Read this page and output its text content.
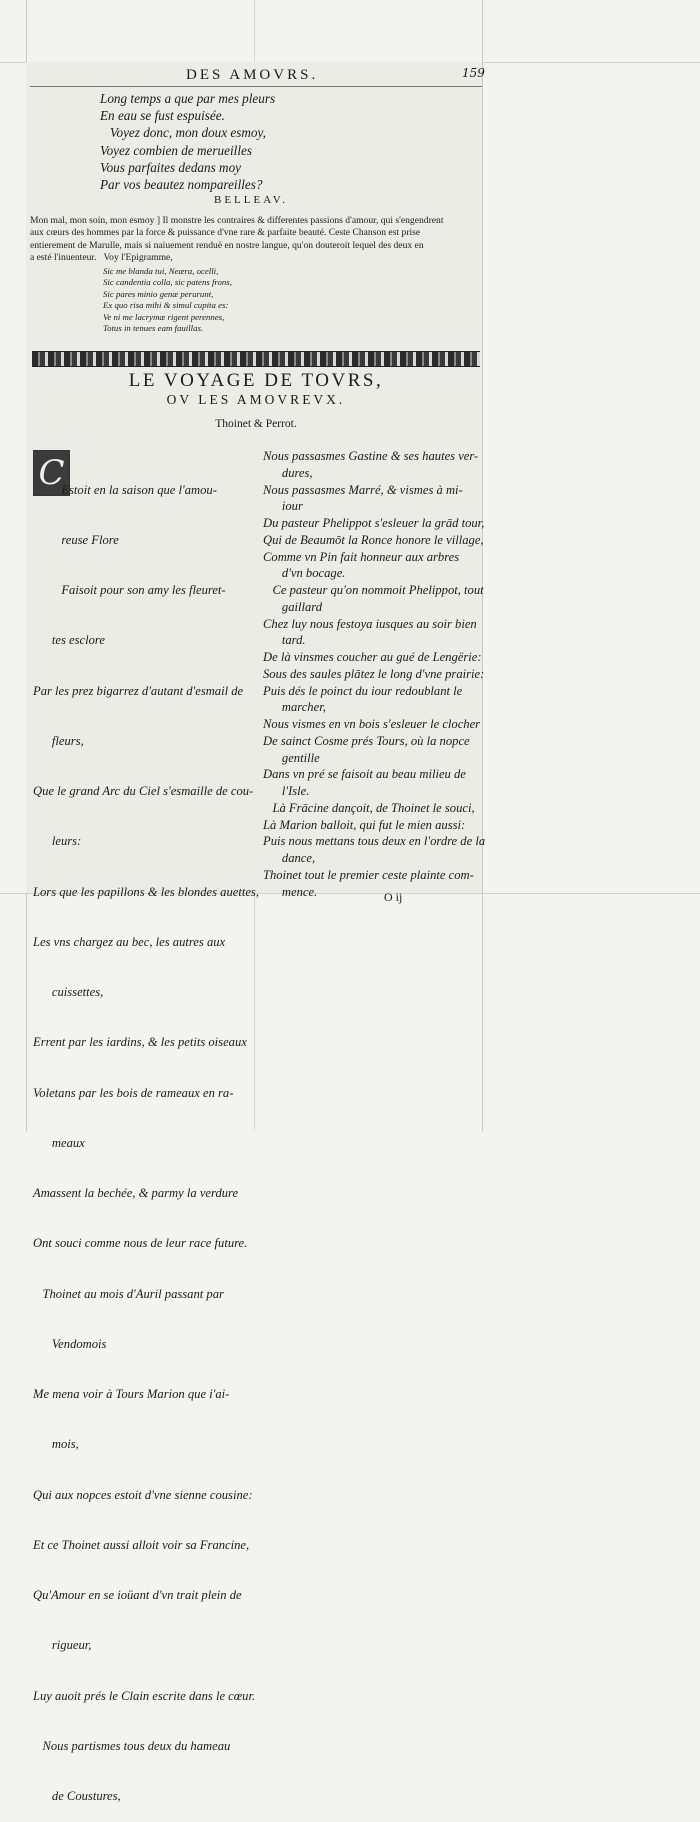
DES AMOVRS.	159
Long temps a que par mes pleurs
En eau se fust espuisée.
Voyez donc, mon doux esmoy,
Voyez combien de merueilles
Vous parfaites dedans moy
Par vos beautez nompareilles?
BELLEAV.
Mon mal, mon soin, mon esmoy ] Il monstre les contraires & differentes passions d'amour, qui s'engendrent
aux cœurs des hommes par la force & puissance d'vne rare & parfaite beauté. Ceste Chanson est prise
entierement de Marulle, mais si naiuement renduë en nostre langue, qu'on douteroit lequel des deux en
a esté l'inuenteur.   Voy l'Epigramme,
Sic me blanda tui, Neæra, ocelli,
Sic candentia colla, sic patens frons,
Sic pares minio genæ perurunt,
Ex quo risa mihi & simul cupita es:
Ve ni me lacrymæ rigent perennes,
Totus in tenues eam fauillas.
LE VOYAGE DE TOVRS,
OV LES AMOVREVX.
Thoinet & Perrot.
C

Estoit en la saison que l'amou-

reuse Flore

Faisoit pour son amy les fleuret-

tes esclore

Par les prez bigarrez d'autant d'esmail de

fleurs,

Que le grand Arc du Ciel s'esmaille de cou-

leurs:

Lors que les papillons & les blondes auettes,

Les vns chargez au bec, les autres aux

cuissettes,

Errent par les iardins, & les petits oiseaux

Voletans par les bois de rameaux en ra-

meaux

Amassent la bechée, & parmy la verdure

Ont souci comme nous de leur race future.

Thoinet au mois d'Auril passant par

Vendomois

Me mena voir à Tours Marion que i'ai-

mois,

Qui aux nopces estoit d'vne sienne cousine:

Et ce Thoinet aussi alloit voir sa Francine,

Qu'Amour en se ioüant d'vn trait plein de

rigueur,

Luy auoit prés le Clain escrite dans le cœur.

Nous partismes tous deux du hameau

de Coustures,

Nous passasmes Gastine & ses hautes ver-
dures,
Nous passasmes Marré, & vismes à mi-
iour
Du pasteur Phelippot s'esleuer la grād tour,
Qui de Beaumōt la Ronce honore le village,
Comme vn Pin fait honneur aux arbres
d'vn bocage.
Ce pasteur qu'on nommoit Phelippot, tout
gaillard
Chez luy nous festoya iusques au soir bien
tard.
De là vinsmes coucher au gué de Lengërie:
Sous des saules plātez le long d'vne prairie:
Puis dés le poinct du iour redoublant le
marcher,
Nous vismes en vn bois s'esleuer le clocher
De sainct Cosme prés Tours, où la nopce
gentille
Dans vn pré se faisoit au beau milieu de
l'Isle.
Là Frācine dançoit, de Thoinet le souci,
Là Marion balloit, qui fut le mien aussi:
Puis nous mettans tous deux en l'ordre de la
dance,
Thoinet tout le premier ceste plainte com-
mence.	O ij
